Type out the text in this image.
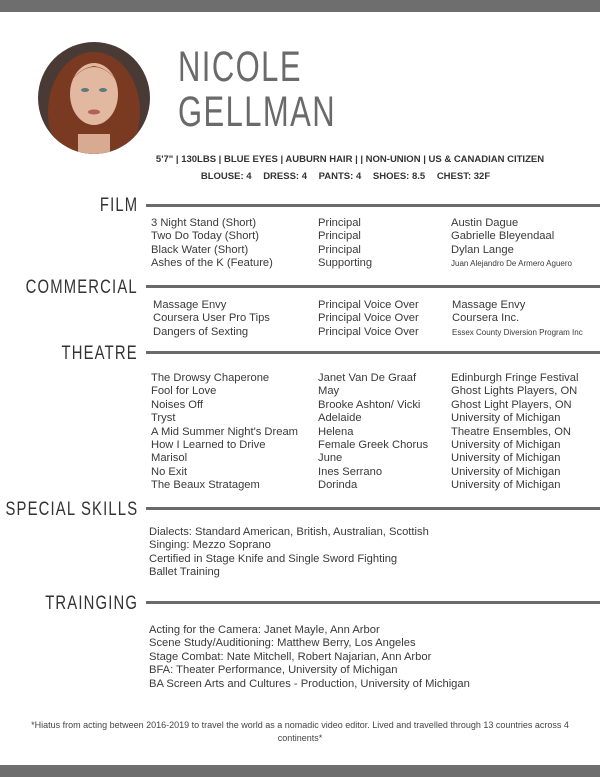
NICOLE
GELLMAN
5'7" | 130LBS | BLUE EYES | AUBURN HAIR | | NON-UNION | US & CANADIAN CITIZEN
BLOUSE: 4 DRESS: 4 PANTS: 4 SHOES: 8.5 CHEST: 32F
FILM
3 Night Stand (Short)
Two Do Today (Short)
Black Water (Short)
Ashes of the K (Feature)
Principal
Principal
Principal
Supporting
Austin Dague
Gabrielle Bleyendaal
Dylan Lange
Juan Alejandro De Armero Aguero
COMMERCIAL
Massage Envy
Coursera User Pro Tips
Dangers of Sexting
Principal Voice Over
Principal Voice Over
Principal Voice Over
Massage Envy
Coursera Inc.
Essex County Diversion Program Inc
THEATRE
The Drowsy Chaperone
Fool for Love
Noises Off
Tryst
A Mid Summer Night's Dream
How I Learned to Drive
Marisol
No Exit
The Beaux Stratagem
Janet Van De Graaf
May
Brooke Ashton/ Vicki
Adelaide
Helena
Female Greek Chorus
June
Ines Serrano
Dorinda
Edinburgh Fringe Festival
Ghost Lights Players, ON
Ghost Light Players, ON
University of Michigan
Theatre Ensembles, ON
University of Michigan
University of Michigan
University of Michigan
University of Michigan
SPECIAL SKILLS
Dialects: Standard American, British, Australian, Scottish
Singing: Mezzo Soprano
Certified in Stage Knife and Single Sword Fighting
Ballet Training
TRAINGING
Acting for the Camera: Janet Mayle, Ann Arbor
Scene Study/Auditioning: Matthew Berry, Los Angeles
Stage Combat: Nate Mitchell, Robert Najarian, Ann Arbor
BFA: Theater Performance, University of Michigan
BA Screen Arts and Cultures - Production, University of Michigan
*Hiatus from acting between 2016-2019 to travel the world as a nomadic video editor. Lived and travelled through 13 countries across 4 continents*
